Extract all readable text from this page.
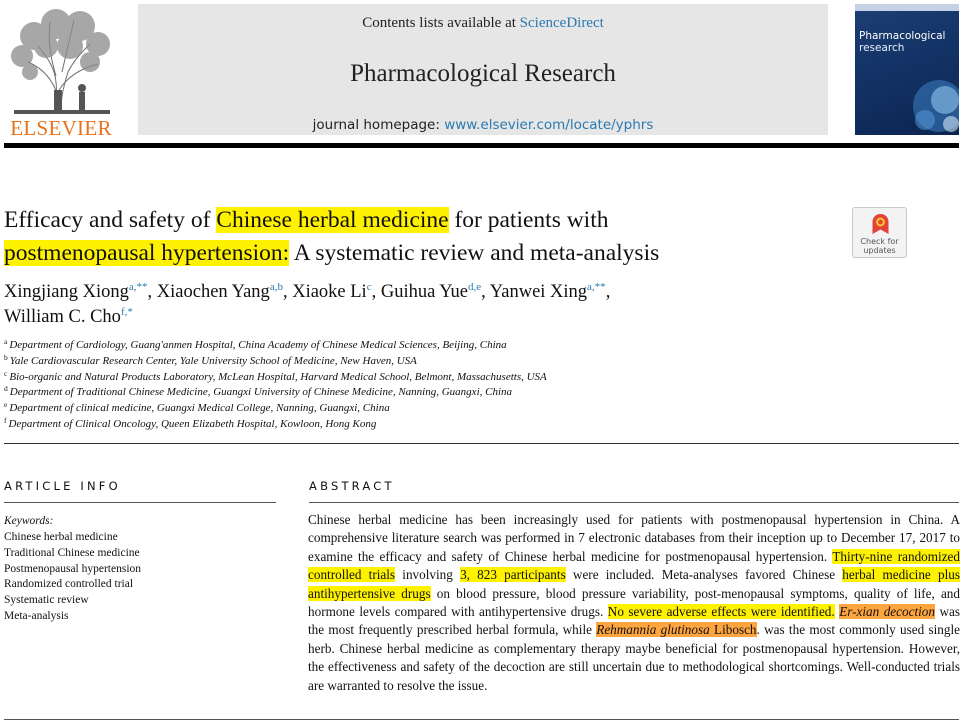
ELSEVIER
Contents lists available at ScienceDirect
Pharmacological Research
journal homepage: www.elsevier.com/locate/yphrs
Pharmacological
research
Efficacy and safety of Chinese herbal medicine for patients with
postmenopausal hypertension: A systematic review and meta-analysis	Check for
updates
Xingjiang Xiong$^{a,**}$, Xiaochen Yang$^{a,b}$, Xiaoke Li$^c$, Guihua Yue$^{d,e}$, Yanwei Xing$^{a,**}$,
William C. Cho$^{f,*}$
$^a$ Department of Cardiology, Guang'anmen Hospital, China Academy of Chinese Medical Sciences, Beijing, China
$^b$ Yale Cardiovascular Research Center, Yale University School of Medicine, New Haven, USA
$^c$ Bio-organic and Natural Products Laboratory, McLean Hospital, Harvard Medical School, Belmont, Massachusetts, USA
$^d$ Department of Traditional Chinese Medicine, Guangxi University of Chinese Medicine, Nanning, Guangxi, China
$^e$ Department of clinical medicine, Guangxi Medical College, Nanning, Guangxi, China
$^f$ Department of Clinical Oncology, Queen Elizabeth Hospital, Kowloon, Hong Kong
ARTICLE INFO
Keywords:
Chinese herbal medicine
Traditional Chinese medicine
Postmenopausal hypertension
Randomized controlled trial
Systematic review
Meta-analysis
ABSTRACT

Chinese herbal medicine has been increasingly used for patients with postmenopausal hypertension in China. A comprehensive literature search was performed in 7 electronic databases from their inception up to December 17, 2017 to examine the efficacy and safety of Chinese herbal medicine for postmenopausal hypertension. Thirty-nine randomized controlled trials involving 3, 823 participants were included. Meta-analyses favored Chinese herbal medicine plus antihypertensive drugs on blood pressure, blood pressure variability, post-menopausal symptoms, quality of life, and hormone levels compared with antihypertensive drugs. No severe adverse effects were identified. Er-xian decoction was the most frequently prescribed herbal formula, while Rehmannia glutinosa Libosch. was the most commonly used single herb. Chinese herbal medicine as complementary therapy maybe beneficial for postmenopausal hypertension. However, the effectiveness and safety of the decoction are still uncertain due to methodological shortcomings. Well-conducted trials are warranted to resolve the issue.
